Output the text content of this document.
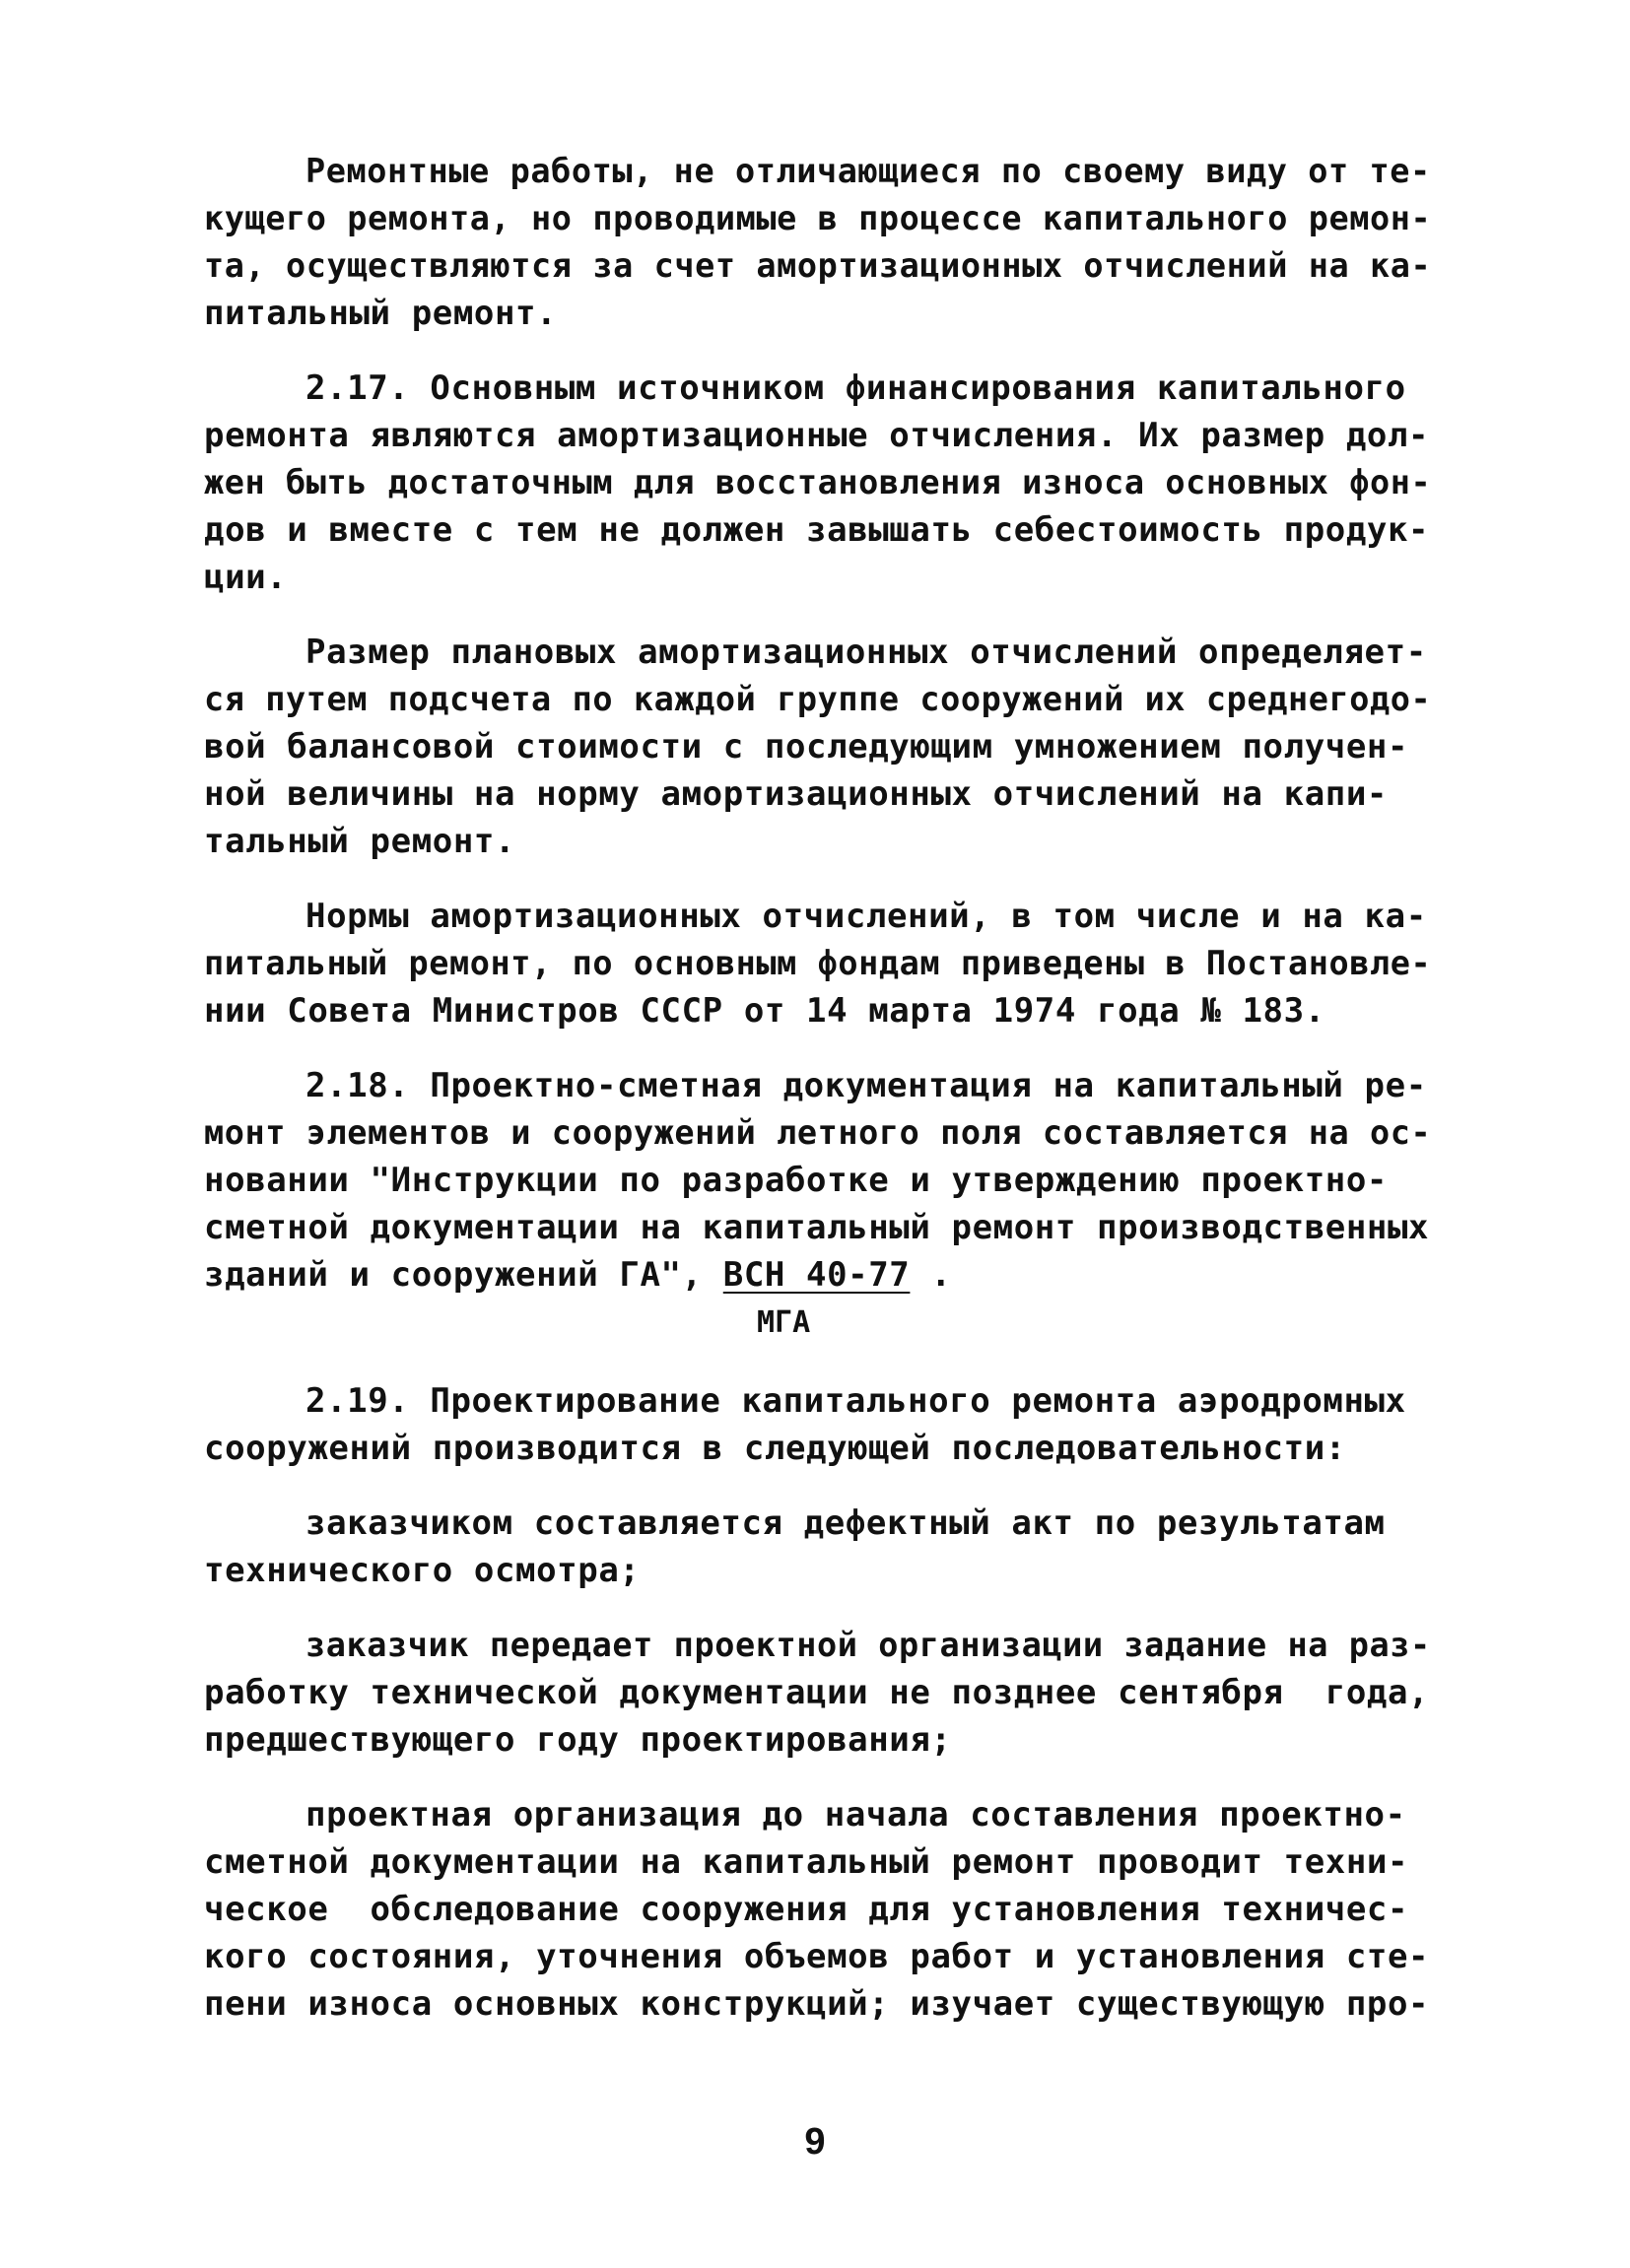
Ремонтные работы, не отличающиеся по своему виду от те-
кущего ремонта, но проводимые в процессе капитального ремон-
та, осуществляются за счет амортизационных отчислений на ка-
питальный ремонт.
2.17. Основным источником финансирования капитального
ремонта являются амортизационные отчисления. Их размер дол-
жен быть достаточным для восстановления износа основных фон-
дов и вместе с тем не должен завышать себестоимость продук-
ции.
Размер плановых амортизационных отчислений определяет-
ся путем подсчета по каждой группе сооружений их среднегодо-
вой балансовой стоимости с последующим умножением получен-
ной величины на норму амортизационных отчислений на капи-
тальный ремонт.
Нормы амортизационных отчислений, в том числе и на ка-
питальный ремонт, по основным фондам приведены в Постановле-
нии Совета Министров СССР от 14 марта 1974 года № 183.
2.18. Проектно-сметная документация на капитальный ре-
монт элементов и сооружений летного поля составляется на ос-
новании "Инструкции по разработке и утверждению проектно-
сметной документации на капитальный ремонт производственных
зданий и сооружений ГА", ВСН 40-77 .
2.19. Проектирование капитального ремонта аэродромных
сооружений производится в следующей последовательности:
заказчиком составляется дефектный акт по результатам
технического осмотра;
заказчик передает проектной организации задание на раз-
работку технической документации не позднее сентября  года,
предшествующего году проектирования;
проектная организация до начала составления проектно-
сметной документации на капитальный ремонт проводит техни-
ческое  обследование сооружения для установления техничес-
кого состояния, уточнения объемов работ и установления сте-
пени износа основных конструкций; изучает существующую про-
МГА
9
